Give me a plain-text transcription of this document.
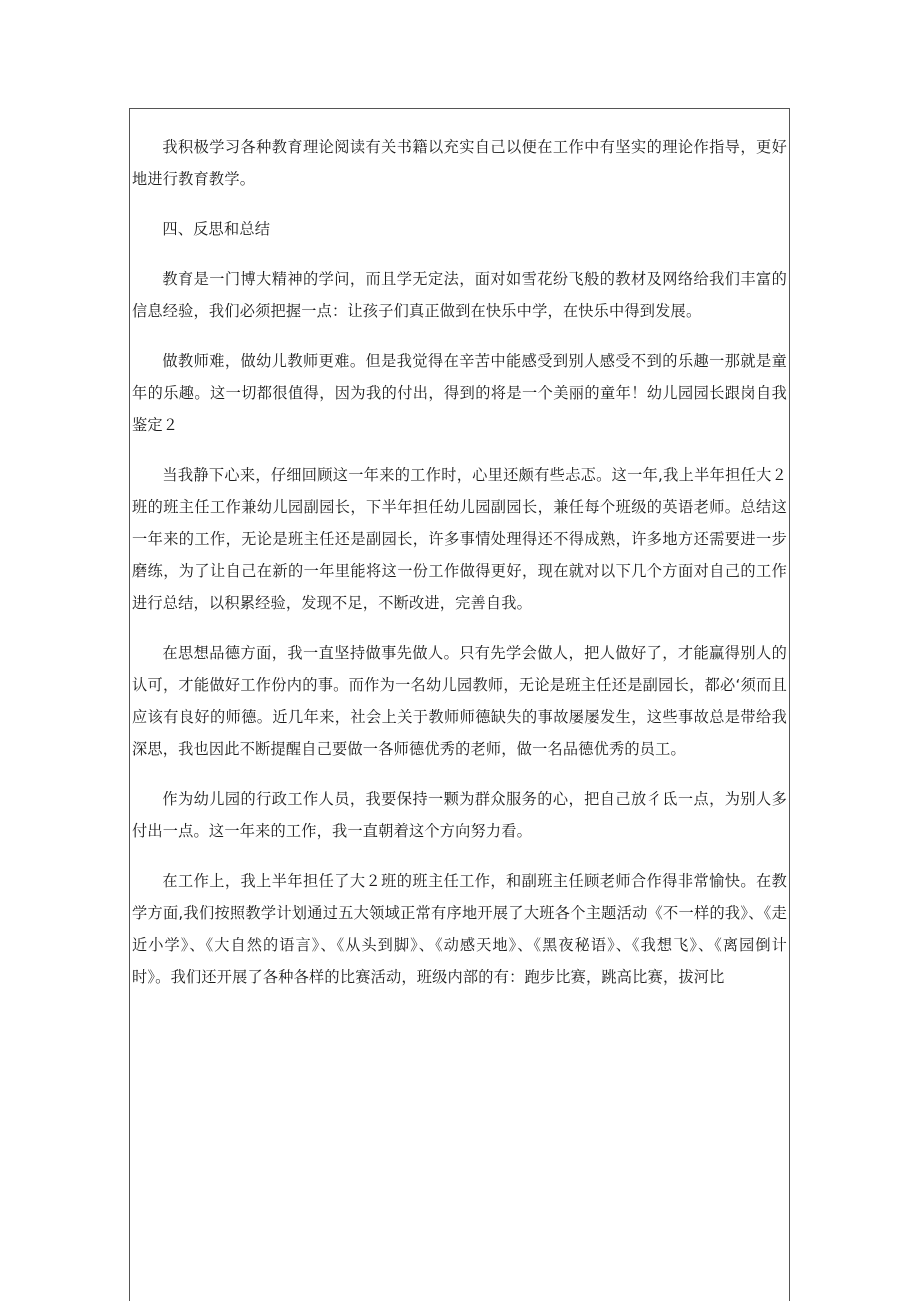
我积极学习各种教育理论阅读有关书籍以充实自己以便在工作中有坚实的理论作指导，更好地进行教育教学。

四、反思和总结

教育是一门博大精神的学问，而且学无定法，面对如雪花纷飞般的教材及网络给我们丰富的信息经验，我们必须把握一点：让孩子们真正做到在快乐中学，在快乐中得到发展。

做教师难，做幼儿教师更难。但是我觉得在辛苦中能感受到别人感受不到的乐趣一那就是童年的乐趣。这一切都很值得，因为我的付出，得到的将是一个美丽的童年！幼儿园园长跟岗自我鉴定２

当我静下心来，仔细回顾这一年来的工作时，心里还颇有些忐忑。这一年,我上半年担任大２班的班主任工作兼幼儿园副园长，下半年担任幼儿园副园长，兼任每个班级的英语老师。总结这一年来的工作，无论是班主任还是副园长，许多事情处理得还不得成熟，许多地方还需要进一步磨练，为了让自己在新的一年里能将这一份工作做得更好，现在就对以下几个方面对自己的工作进行总结，以积累经验，发现不足，不断改进，完善自我。

在思想品德方面，我一直坚持做事先做人。只有先学会做人，把人做好了，才能赢得别人的认可，才能做好工作份内的事。而作为一名幼儿园教师，无论是班主任还是副园长，都必‘须而且应该有良好的师德。近几年来，社会上关于教师师德缺失的事故屡屡发生，这些事故总是带给我深思，我也因此不断提醒自己要做一各师德优秀的老师，做一名品德优秀的员工。

作为幼儿园的行政工作人员，我要保持一颗为群众服务的心，把自己放彳氐一点，为别人多付出一点。这一年来的工作，我一直朝着这个方向努力看。

在工作上，我上半年担任了大２班的班主任工作，和副班主任顾老师合作得非常愉快。在教学方面,我们按照教学计划通过五大领域正常有序地开展了大班各个主题活动《不一样的我》、《走近小学》、《大自然的语言》、《从头到脚》、《动感天地》、《黑夜秘语》、《我想飞》、《离园倒计时》。我们还开展了各种各样的比赛活动，班级内部的有：跑步比赛，跳高比赛，拔河比
